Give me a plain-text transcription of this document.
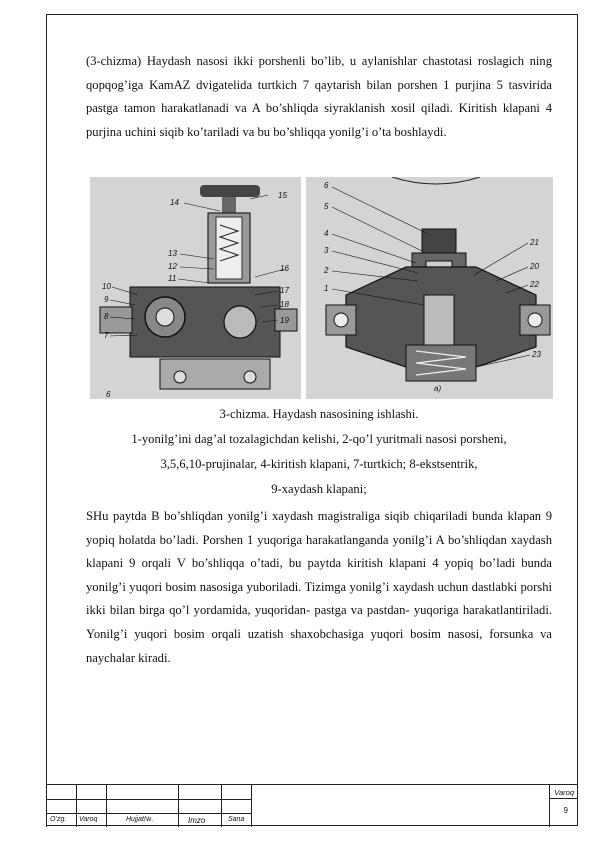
(3-chizma) Haydash nasosi ikki porshenli bo’lib, u aylanishlar chastotasi roslagich ning qopqog’iga KamAZ dvigatelida turtkich 7 qaytarish bilan porshen 1 purjina 5 tasvirida pastga tamon harakatlanadi va A bo’shliqda siyraklanish xosil qiladi. Kiritish klapani 4 purjina uchini siqib ko’tariladi va bu bo’shliqqa yonilg’i o’ta boshlaydi.
14
15
13
12
11
16
10
9
8
7
17
18
19
6
6
5
4
3
2
1
21
20
22
23
a)
3-chizma. Haydash nasosining ishlashi.
1-yonilg’ini dag’al tozalagichdan kelishi, 2-qo’l yuritmali nasosi porsheni,
3,5,6,10-prujinalar, 4-kiritish klapani, 7-turtkich; 8-ekstsentrik,
9-xaydash klapani;
SHu paytda B bo’shliqdan yonilg’i xaydash magistraliga siqib chiqariladi bunda klapan 9 yopiq holatda bo’ladi. Porshen 1 yuqoriga harakatlanganda yonilg’i A bo’shliqdan xaydash klapani 9 orqali V bo’shliqqa o’tadi, bu paytda kiritish klapani 4 yopiq bo’ladi bunda yonilg’i yuqori bosim nasosiga yuboriladi. Tizimga yonilg’i xaydash uchun dastlabki porshi ikki bilan birga qo’l yordamida, yuqoridan- pastga va pastdan- yuqoriga harakatlantiriladi. Yonilg’i yuqori bosim orqali uzatish shaxobchasiga yuqori bosim nasosi, forsunka va naychalar kiradi.
O’zg. Varoq	Hujjat№.	Imzo	Sana
Varoq
9
